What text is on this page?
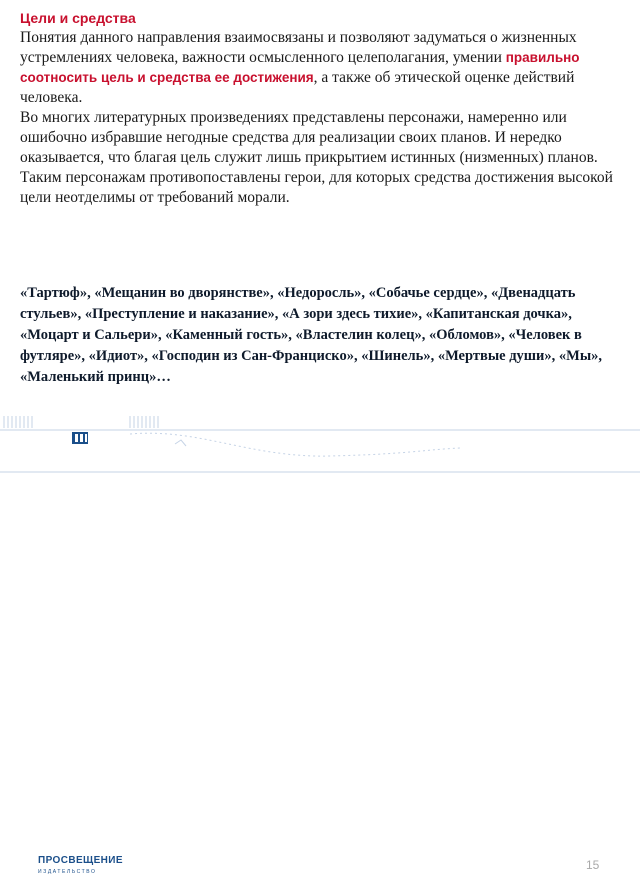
Цели и средства
Понятия данного направления взаимосвязаны и позволяют задуматься о жизненных устремлениях человека, важности осмысленного целеполагания, умении правильно соотносить цель и средства ее достижения, а также об этической оценке действий человека.
Во многих литературных произведениях представлены персонажи, намеренно или ошибочно избравшие негодные средства для реализации своих планов. И нередко оказывается, что благая цель служит лишь прикрытием истинных (низменных) планов. Таким персонажам противопоставлены герои, для которых средства достижения высокой цели неотделимы от требований морали.
«Тартюф», «Мещанин во дворянстве», «Недоросль», «Собачье сердце», «Двенадцать стульев», «Преступление и наказание», «А зори здесь тихие», «Капитанская дочка», «Моцарт и Сальери», «Каменный гость», «Властелин колец», «Обломов», «Человек в футляре», «Идиот», «Господин из Сан-Франциско», «Шинель», «Мертвые души», «Мы», «Маленький принц»…
ПРОСВЕЩЕНИЕ
ИЗДАТЕЛЬСТВО	15
